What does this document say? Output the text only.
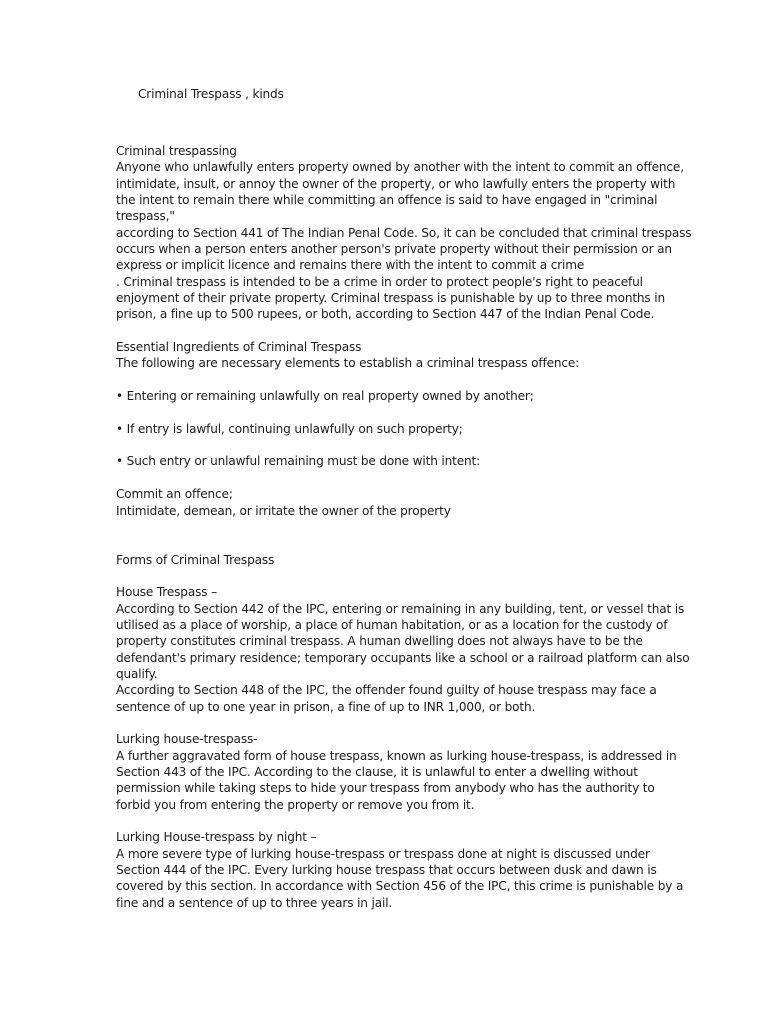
Criminal Trespass , kinds
Criminal trespassing
Anyone who unlawfully enters property owned by another with the intent to commit an offence,
intimidate, insult, or annoy the owner of the property, or who lawfully enters the property with
the intent to remain there while committing an offence is said to have engaged in "criminal
trespass,"
according to Section 441 of The Indian Penal Code. So, it can be concluded that criminal trespass
occurs when a person enters another person's private property without their permission or an
express or implicit licence and remains there with the intent to commit a crime
. Criminal trespass is intended to be a crime in order to protect people's right to peaceful
enjoyment of their private property. Criminal trespass is punishable by up to three months in
prison, a fine up to 500 rupees, or both, according to Section 447 of the Indian Penal Code.
Essential Ingredients of Criminal Trespass
The following are necessary elements to establish a criminal trespass offence:
• Entering or remaining unlawfully on real property owned by another;
• If entry is lawful, continuing unlawfully on such property;
• Such entry or unlawful remaining must be done with intent:
Commit an offence;
Intimidate, demean, or irritate the owner of the property
Forms of Criminal Trespass
House Trespass –
According to Section 442 of the IPC, entering or remaining in any building, tent, or vessel that is
utilised as a place of worship, a place of human habitation, or as a location for the custody of
property constitutes criminal trespass. A human dwelling does not always have to be the
defendant's primary residence; temporary occupants like a school or a railroad platform can also
qualify.
According to Section 448 of the IPC, the offender found guilty of house trespass may face a
sentence of up to one year in prison, a fine of up to INR 1,000, or both.
Lurking house-trespass-
A further aggravated form of house trespass, known as lurking house-trespass, is addressed in
Section 443 of the IPC. According to the clause, it is unlawful to enter a dwelling without
permission while taking steps to hide your trespass from anybody who has the authority to
forbid you from entering the property or remove you from it.
Lurking House-trespass by night –
A more severe type of lurking house-trespass or trespass done at night is discussed under
Section 444 of the IPC. Every lurking house trespass that occurs between dusk and dawn is
covered by this section. In accordance with Section 456 of the IPC, this crime is punishable by a
fine and a sentence of up to three years in jail.
